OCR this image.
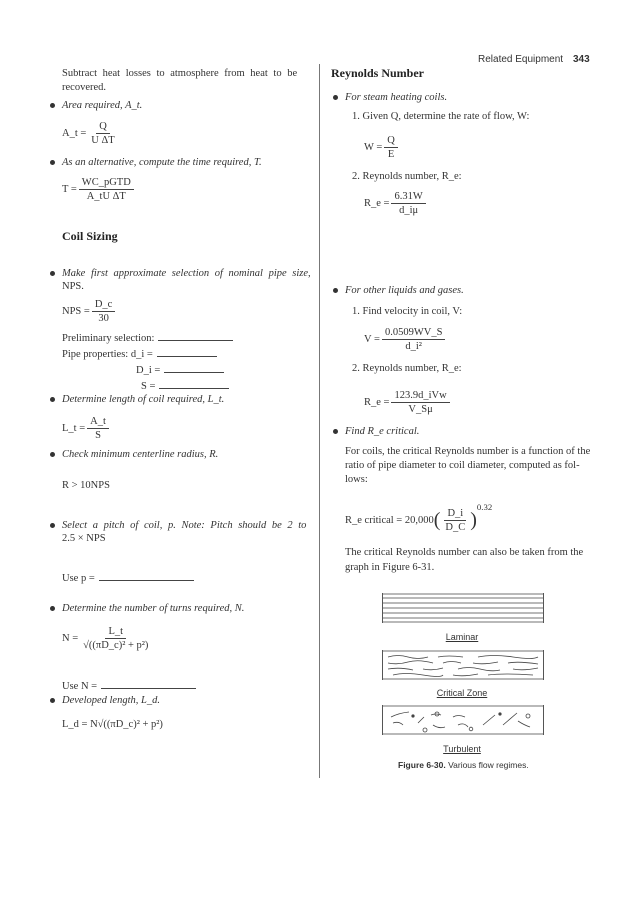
Related Equipment 343
Subtract heat losses to atmosphere from heat to be
recovered.
Area required, A_t.
A_t = $\frac{Q}{\text{U ΔT}}$
As an alternative, compute the time required, T.
$T = \frac{\text{WC\_pGTD}}{\text{A\_tU ΔT}}$
Coil Sizing
Make first approximate selection of nominal pipe size,
NPS.
NPS = $\frac{D\_c}{30}$
Preliminary selection:
Pipe properties: d_i =
D_i =
S =
Determine length of coil required, L_t.
L_t = $\frac{A\_t}{S}$
Check minimum centerline radius, R.
R > 10NPS
Select a pitch of coil, p. Note: Pitch should be 2 to
2.5 × NPS
Use p =
Determine the number of turns required, N.
$N = \frac{L\_t}{\text{√((πD\_c)² + p²)}}$
Use N =
Developed length, L_d.
L_d = N√((πD_c)² + p²)
Reynolds Number
For steam heating coils.
1. Given Q, determine the rate of flow, W:
$W = \frac{Q}{E}$
2. Reynolds number, R_e:
R_e = $\frac{6.31W}{d\_i\mu}$
For other liquids and gases.
1. Find velocity in coil, V:
$V = \frac{0.0509WV\_S}{\text{d\_i²}}$
2. Reynolds number, R_e:
R_e = $\frac{\text{123.9d\_iVw}}{V\_S\mu}$
Find R_e critical.
For coils, the critical Reynolds number is a function of the
ratio of pipe diameter to coil diameter, computed as fol-
lows:
R_e critical = $20,000( \frac{D\_i}{D\_C} )^{0.32}$
The critical Reynolds number can also be taken from the
graph in Figure 6-31.
Laminar
Critical Zone
Turbulent
Figure 6-30. Various flow regimes.
